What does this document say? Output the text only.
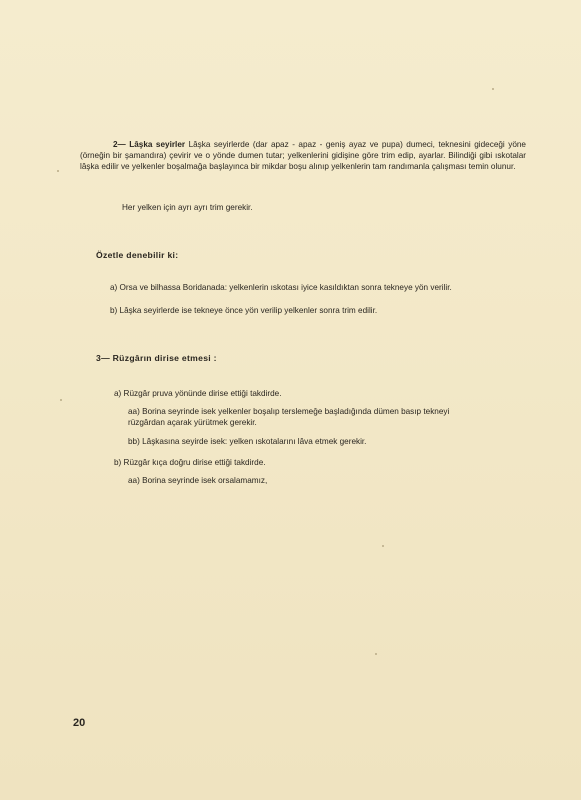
2— Lâşka seyirler Lâşka seyirlerde (dar apaz - apaz - geniş ayaz ve pupa) dumeci, teknesini gideceği yöne (örneğin bir şamandıra) çevirir ve o yönde dumen tutar; yelkenlerini gidişine göre trim edip, ayarlar. Bilindiği gibi ıskotalar lâşka edilir ve yelkenler boşalmağa başlayınca bir mikdar boşu alınıp yelkenlerin tam randımanla çalışması temin olunur.
Her yelken için ayrı ayrı trim gerekir.
Özetle denebilir ki:
a) Orsa ve bilhassa Boridanada: yelkenlerin ıskotası iyice kasıldıktan sonra tekneye yön verilir.
b) Lâşka seyirlerde ise tekneye önce yön verilip yelkenler sonra trim edilir.
3— Rüzgârın dirise etmesi :
a) Rüzgâr pruva yönünde dirise ettiği takdirde.
aa) Borina seyrinde isek yelkenler boşalıp terslemeğe başladığında dümen basıp tekneyi
rüzgârdan açarak yürütmek gerekir.
bb) Lâşkasına seyirde isek: yelken ıskotalarını lâva etmek gerekir.
b) Rüzgâr kıça doğru dirise ettiği takdirde.
aa) Borina seyrinde isek orsalamamız,
20
